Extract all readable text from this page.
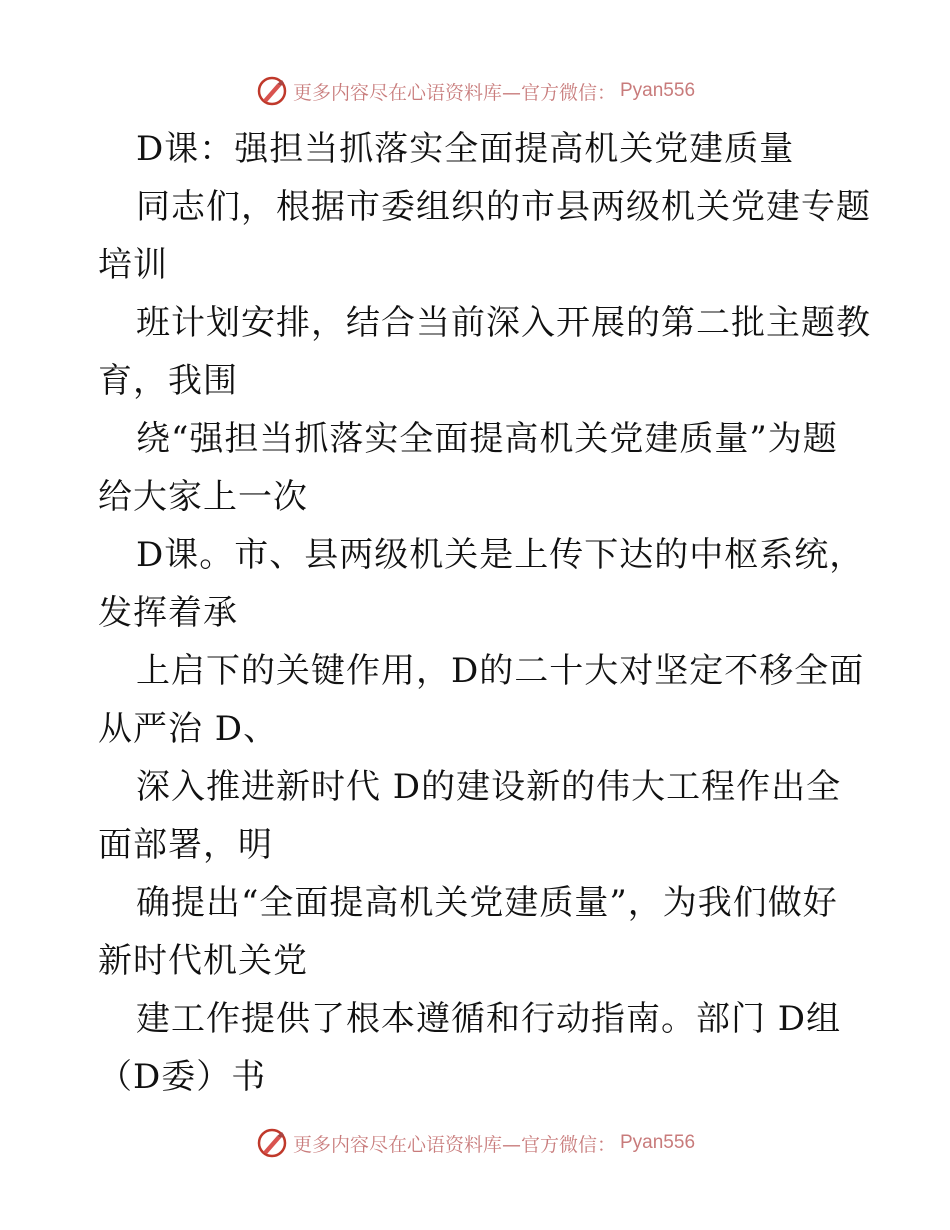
更多内容尽在心语资料库—官方微信： Pyan556
D课：强担当抓落实全面提高机关党建质量
同志们，根据市委组织的市县两级机关党建专题
培训
班计划安排，结合当前深入开展的第二批主题教
育，我围
绕“强担当抓落实全面提高机关党建质量”为题
给大家上一次
D课。市、县两级机关是上传下达的中枢系统，
发挥着承
上启下的关键作用，D的二十大对坚定不移全面
从严治 D、
深入推进新时代 D的建设新的伟大工程作出全
面部署，明
确提出“全面提高机关党建质量”，为我们做好
新时代机关党
建工作提供了根本遵循和行动指南。部门 D组
（D委）书
更多内容尽在心语资料库—官方微信： Pyan556
